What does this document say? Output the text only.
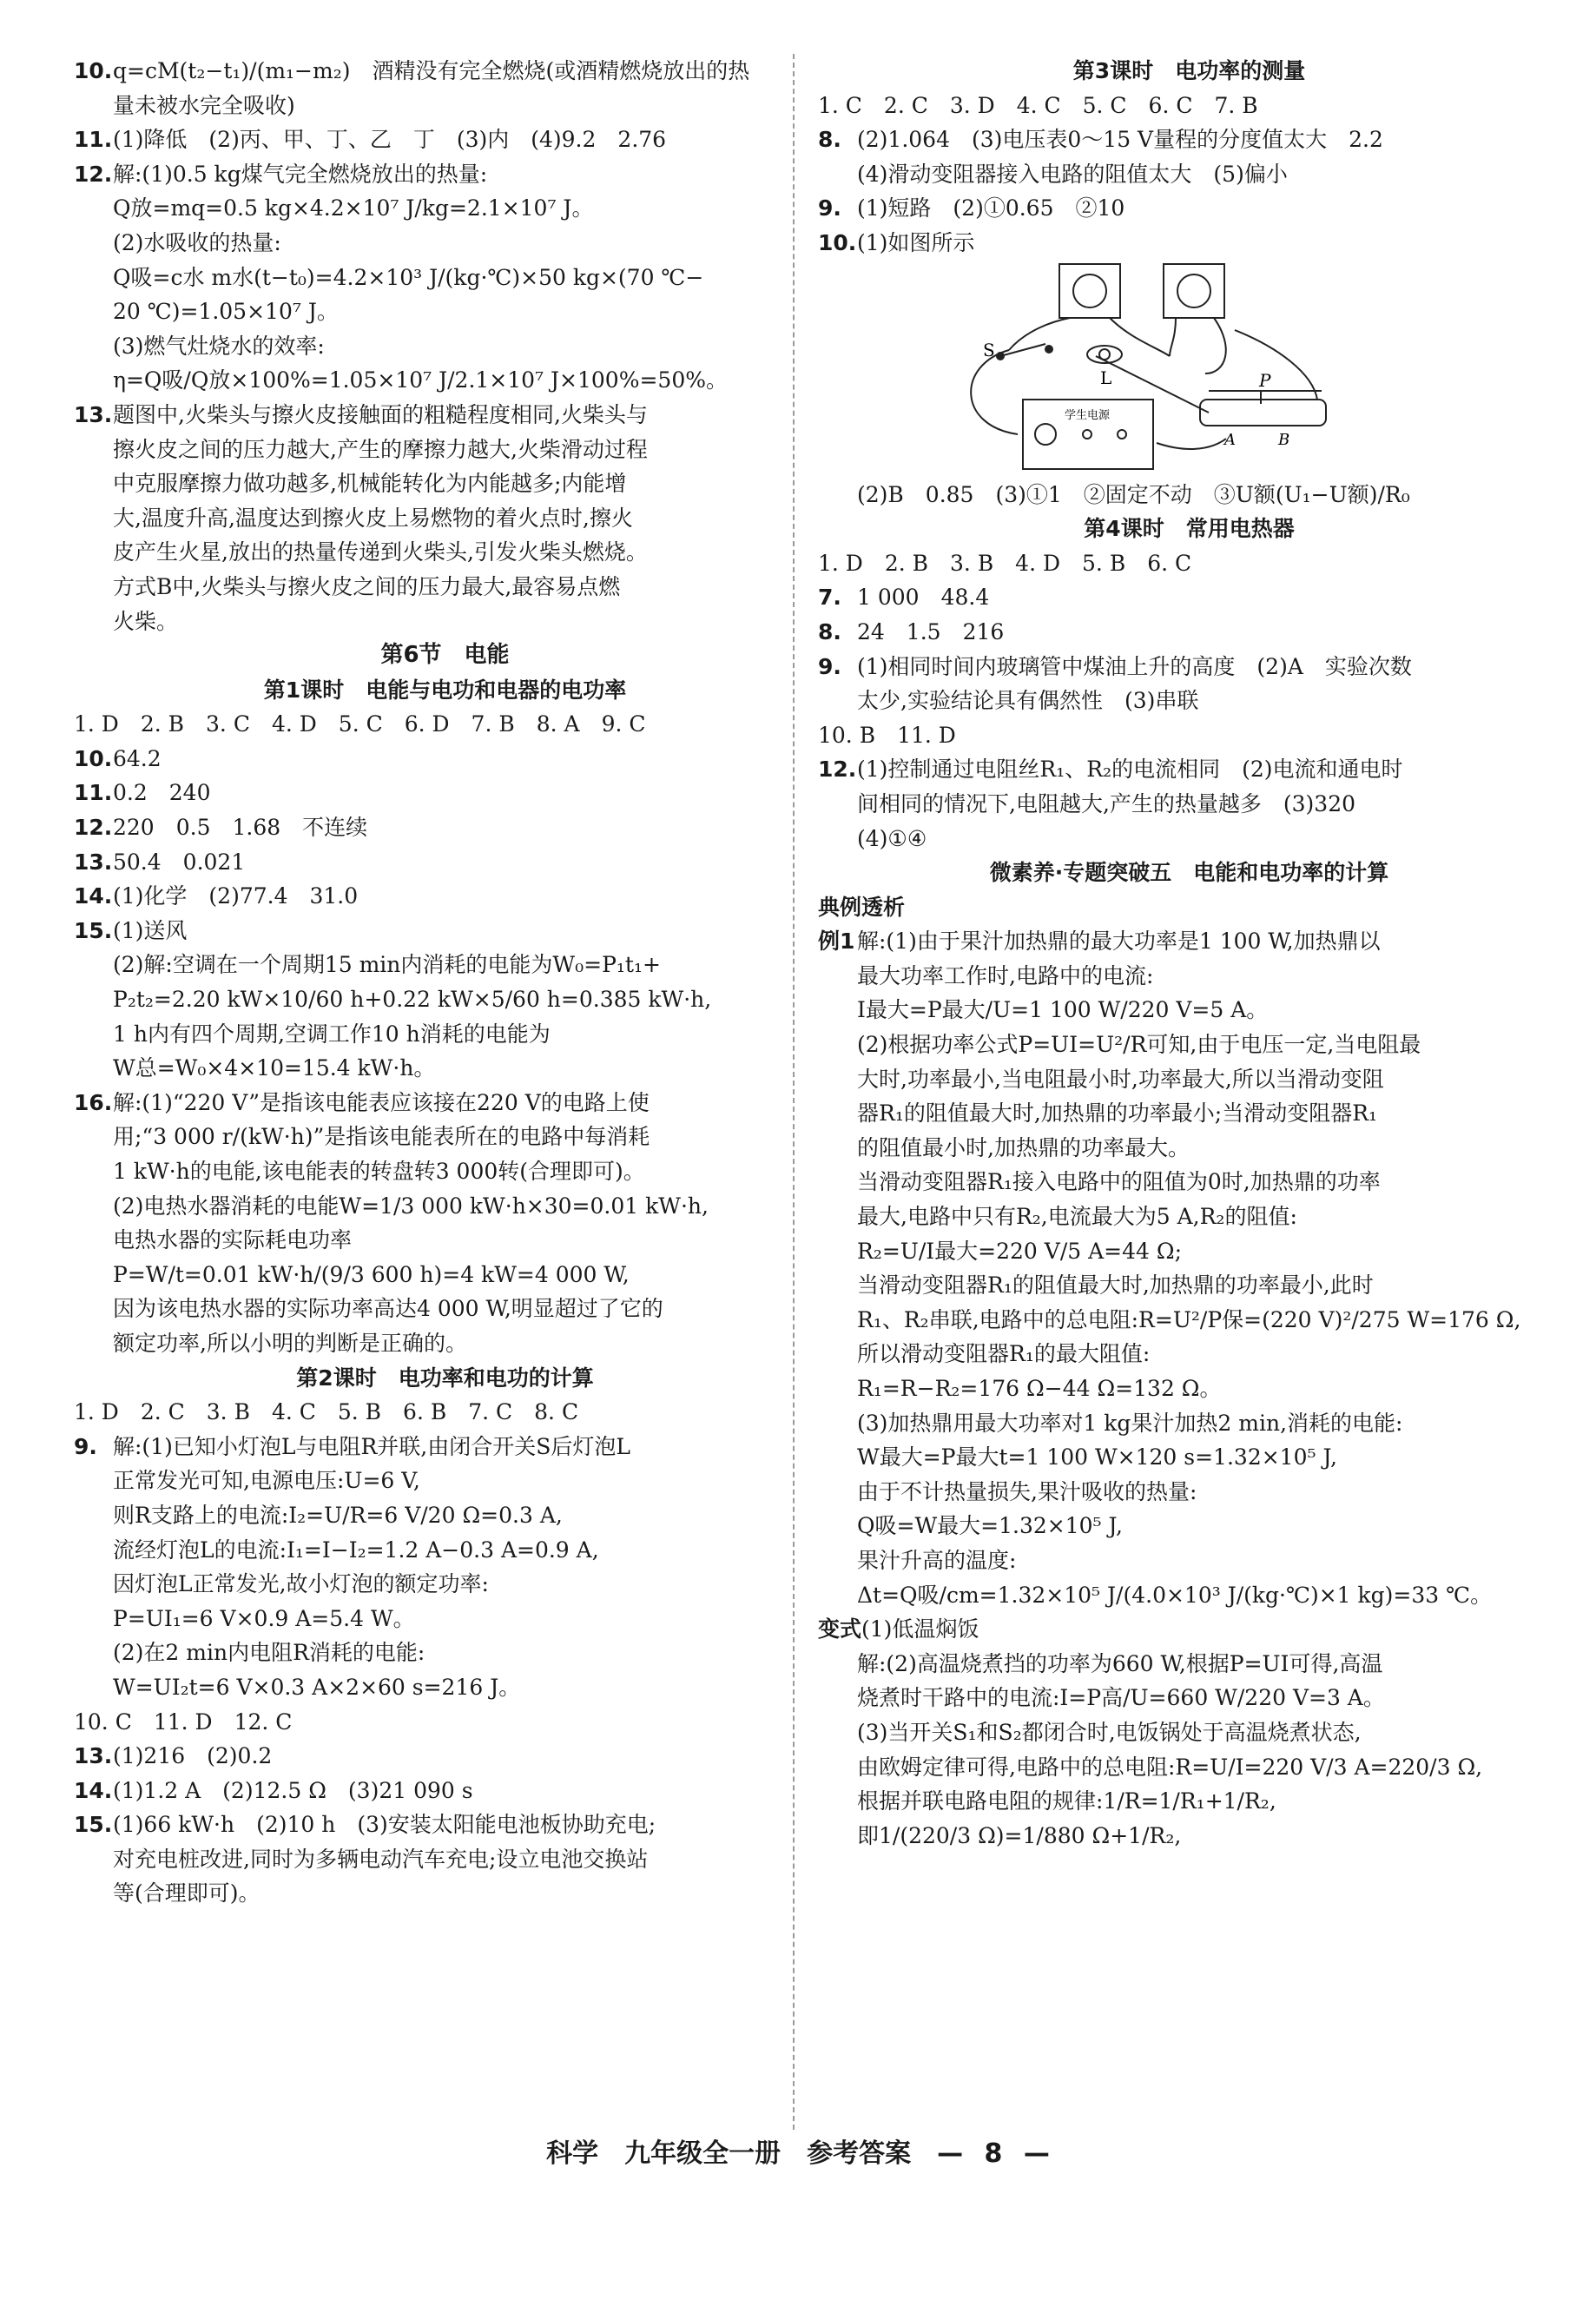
10.q=cM(t₂−t₁)/(m₁−m₂)　酒精没有完全燃烧(或酒精燃烧放出的热
量未被水完全吸收)
11.(1)降低　(2)丙、甲、丁、乙　丁　(3)内　(4)9.2　2.76
12.解:(1)0.5 kg煤气完全燃烧放出的热量:
Q放=mq=0.5 kg×4.2×10⁷ J/kg=2.1×10⁷ J。
(2)水吸收的热量:
Q吸=c水 m水(t−t₀)=4.2×10³ J/(kg·℃)×50 kg×(70 ℃−
20 ℃)=1.05×10⁷ J。
(3)燃气灶烧水的效率:
η=Q吸/Q放×100%=1.05×10⁷ J/2.1×10⁷ J×100%=50%。
13.题图中,火柴头与擦火皮接触面的粗糙程度相同,火柴头与
擦火皮之间的压力越大,产生的摩擦力越大,火柴滑动过程
中克服摩擦力做功越多,机械能转化为内能越多;内能增
大,温度升高,温度达到擦火皮上易燃物的着火点时,擦火
皮产生火星,放出的热量传递到火柴头,引发火柴头燃烧。
方式B中,火柴头与擦火皮之间的压力最大,最容易点燃
火柴。
第6节　电能
第1课时　电能与电功和电器的电功率
1. D　2. B　3. C　4. D　5. C　6. D　7. B　8. A　9. C
10.64.2
11.0.2　240
12.220　0.5　1.68　不连续
13.50.4　0.021
14.(1)化学　(2)77.4　31.0
15.(1)送风
(2)解:空调在一个周期15 min内消耗的电能为W₀=P₁t₁+
P₂t₂=2.20 kW×10/60 h+0.22 kW×5/60 h=0.385 kW·h,
1 h内有四个周期,空调工作10 h消耗的电能为
W总=W₀×4×10=15.4 kW·h。
16.解:(1)“220 V”是指该电能表应该接在220 V的电路上使
用;“3 000 r/(kW·h)”是指该电能表所在的电路中每消耗
1 kW·h的电能,该电能表的转盘转3 000转(合理即可)。
(2)电热水器消耗的电能W=1/3 000 kW·h×30=0.01 kW·h,
电热水器的实际耗电功率
P=W/t=0.01 kW·h/(9/3 600 h)=4 kW=4 000 W,
因为该电热水器的实际功率高达4 000 W,明显超过了它的
额定功率,所以小明的判断是正确的。
第2课时　电功率和电功的计算
1. D　2. C　3. B　4. C　5. B　6. B　7. C　8. C
9. 解:(1)已知小灯泡L与电阻R并联,由闭合开关S后灯泡L
正常发光可知,电源电压:U=6 V,
则R支路上的电流:I₂=U/R=6 V/20 Ω=0.3 A,
流经灯泡L的电流:I₁=I−I₂=1.2 A−0.3 A=0.9 A,
因灯泡L正常发光,故小灯泡的额定功率:
P=UI₁=6 V×0.9 A=5.4 W。
(2)在2 min内电阻R消耗的电能:
W=UI₂t=6 V×0.3 A×2×60 s=216 J。
10. C　11. D　12. C
13.(1)216　(2)0.2
14.(1)1.2 A　(2)12.5 Ω　(3)21 090 s
15.(1)66 kW·h　(2)10 h　(3)安装太阳能电池板协助充电;
对充电桩改进,同时为多辆电动汽车充电;设立电池交换站
等(合理即可)。
第3课时　电功率的测量
1. C　2. C　3. D　4. C　5. C　6. C　7. B
8. (2)1.064　(3)电压表0～15 V量程的分度值太大　2.2
(4)滑动变阻器接入电路的阻值太大　(5)偏小
9. (1)短路　(2)①0.65　②10
10.(1)如图所示
S
L	P
A	B
学生电源
(2)B　0.85　(3)①1　②固定不动　③U额(U₁−U额)/R₀
第4课时　常用电热器
1. D　2. B　3. B　4. D　5. B　6. C
7. 1 000　48.4
8. 24　1.5　216
9. (1)相同时间内玻璃管中煤油上升的高度　(2)A　实验次数
太少,实验结论具有偶然性　(3)串联
10. B　11. D
12.(1)控制通过电阻丝R₁、R₂的电流相同　(2)电流和通电时
间相同的情况下,电阻越大,产生的热量越多　(3)320
(4)①④
微素养·专题突破五　电能和电功率的计算
典例透析
例1 解:(1)由于果汁加热鼎的最大功率是1 100 W,加热鼎以
最大功率工作时,电路中的电流:
I最大=P最大/U=1 100 W/220 V=5 A。
(2)根据功率公式P=UI=U²/R可知,由于电压一定,当电阻最
大时,功率最小,当电阻最小时,功率最大,所以当滑动变阻
器R₁的阻值最大时,加热鼎的功率最小;当滑动变阻器R₁
的阻值最小时,加热鼎的功率最大。
当滑动变阻器R₁接入电路中的阻值为0时,加热鼎的功率
最大,电路中只有R₂,电流最大为5 A,R₂的阻值:
R₂=U/I最大=220 V/5 A=44 Ω;
当滑动变阻器R₁的阻值最大时,加热鼎的功率最小,此时
R₁、R₂串联,电路中的总电阻:R=U²/P保=(220 V)²/275 W=176 Ω,
所以滑动变阻器R₁的最大阻值:
R₁=R−R₂=176 Ω−44 Ω=132 Ω。
(3)加热鼎用最大功率对1 kg果汁加热2 min,消耗的电能:
W最大=P最大t=1 100 W×120 s=1.32×10⁵ J,
由于不计热量损失,果汁吸收的热量:
Q吸=W最大=1.32×10⁵ J,
果汁升高的温度:
Δt=Q吸/cm=1.32×10⁵ J/(4.0×10³ J/(kg·℃)×1 kg)=33 ℃。
变式(1)低温焖饭
解:(2)高温烧煮挡的功率为660 W,根据P=UI可得,高温
烧煮时干路中的电流:I=P高/U=660 W/220 V=3 A。
(3)当开关S₁和S₂都闭合时,电饭锅处于高温烧煮状态,
由欧姆定律可得,电路中的总电阻:R=U/I=220 V/3 A=220/3 Ω,
根据并联电路电阻的规律:1/R=1/R₁+1/R₂,
即1/(220/3 Ω)=1/880 Ω+1/R₂,
科学　九年级全一册　参考答案　— 8 —
